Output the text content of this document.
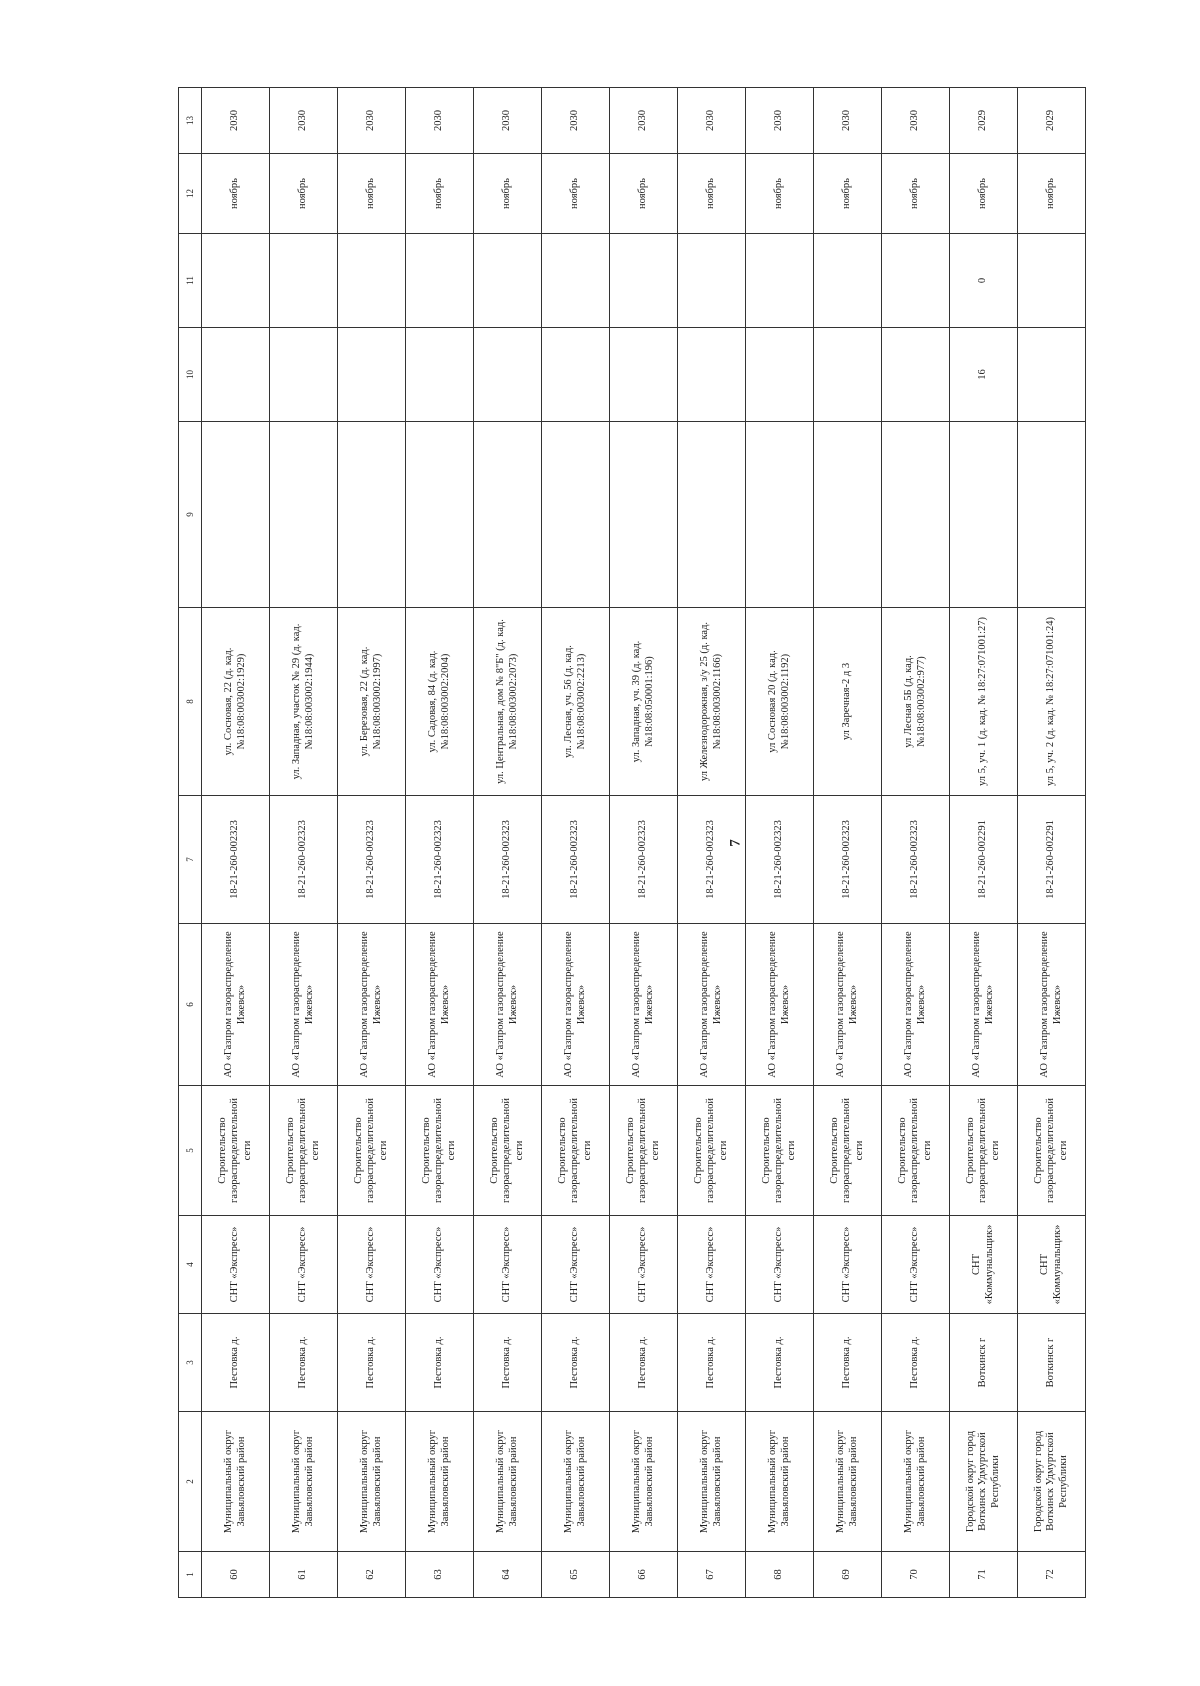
7
1	2	3	4	5	6	7	8	9	10	11	12	13
60	Муниципальный округ Завьяловский район	Пестовка д.	СНТ «Экспресс»	Строительство газораспределительной сети	АО «Газпром газораспределение Ижевск»	18-21-260-002323	ул. Сосновая, 22 (д. кад.№18:08:003002:1929)				ноябрь	2030
61	Муниципальный округ Завьяловский район	Пестовка д.	СНТ «Экспресс»	Строительство газораспределительной сети	АО «Газпром газораспределение Ижевск»	18-21-260-002323	ул. Западная, участок № 29 (д. кад.№18:08:003002:1944)				ноябрь	2030
62	Муниципальный округ Завьяловский район	Пестовка д.	СНТ «Экспресс»	Строительство газораспределительной сети	АО «Газпром газораспределение Ижевск»	18-21-260-002323	ул. Березовая, 22 (д. кад.№18:08:003002:1997)				ноябрь	2030
63	Муниципальный округ Завьяловский район	Пестовка д.	СНТ «Экспресс»	Строительство газораспределительной сети	АО «Газпром газораспределение Ижевск»	18-21-260-002323	ул. Садовая, 84 (д. кад.№18:08:003002:2004)				ноябрь	2030
64	Муниципальный округ Завьяловский район	Пестовка д.	СНТ «Экспресс»	Строительство газораспределительной сети	АО «Газпром газораспределение Ижевск»	18-21-260-002323	ул. Центральная, дом № 8"Б" (д. кад.№18:08:003002:2073)				ноябрь	2030
65	Муниципальный округ Завьяловский район	Пестовка д.	СНТ «Экспресс»	Строительство газораспределительной сети	АО «Газпром газораспределение Ижевск»	18-21-260-002323	ул. Лесная, уч. 56 (д. кад.№18:08:003002:2213)				ноябрь	2030
66	Муниципальный округ Завьяловский район	Пестовка д.	СНТ «Экспресс»	Строительство газораспределительной сети	АО «Газпром газораспределение Ижевск»	18-21-260-002323	ул. Западная, уч. 39 (д. кад.№18:08:050001:196)				ноябрь	2030
67	Муниципальный округ Завьяловский район	Пестовка д.	СНТ «Экспресс»	Строительство газораспределительной сети	АО «Газпром газораспределение Ижевск»	18-21-260-002323	ул Железнодорожная, з/у 25 (д. кад.№18:08:003002:1166)				ноябрь	2030
68	Муниципальный округ Завьяловский район	Пестовка д.	СНТ «Экспресс»	Строительство газораспределительной сети	АО «Газпром газораспределение Ижевск»	18-21-260-002323	ул Сосновая 20 (д. кад.№18:08:003002:1192)				ноябрь	2030
69	Муниципальный округ Завьяловский район	Пестовка д.	СНТ «Экспресс»	Строительство газораспределительной сети	АО «Газпром газораспределение Ижевск»	18-21-260-002323	ул Заречная-2 д 3				ноябрь	2030
70	Муниципальный округ Завьяловский район	Пестовка д.	СНТ «Экспресс»	Строительство газораспределительной сети	АО «Газпром газораспределение Ижевск»	18-21-260-002323	ул Лесная 5Б (д. кад.№18:08:003002:977)				ноябрь	2030
71	Городской округ город Воткинск Удмуртской Республики	Воткинск г	СНТ «Коммунальщик»	Строительство газораспределительной сети	АО «Газпром газораспределение Ижевск»	18-21-260-002291	ул 5, уч. 1 (д. кад. № 18:27:071001:27)		16	0	ноябрь	2029
72	Городской округ город Воткинск Удмуртской Республики	Воткинск г	СНТ «Коммунальщик»	Строительство газораспределительной сети	АО «Газпром газораспределение Ижевск»	18-21-260-002291	ул 5, уч. 2 (д. кад. № 18:27:071001:24)				ноябрь	2029
